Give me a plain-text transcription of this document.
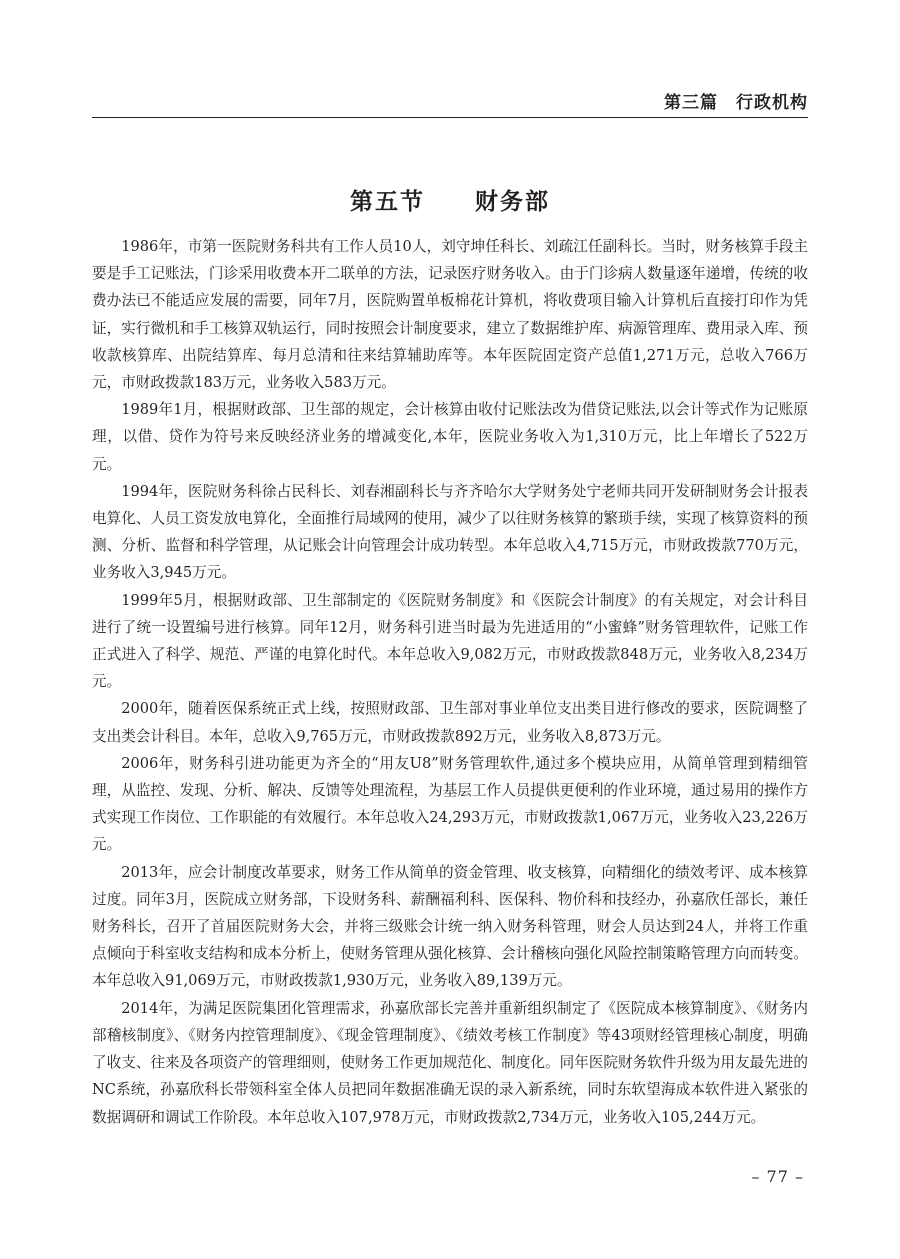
第三篇　行政机构
第五节　　财务部

1986年，市第一医院财务科共有工作人员10人，刘守坤任科长、刘疏江任副科长。当时，财务核算手段主要是手工记账法，门诊采用收费本开二联单的方法，记录医疗财务收入。由于门诊病人数量逐年递增，传统的收费办法已不能适应发展的需要，同年7月，医院购置单板棉花计算机，将收费项目输入计算机后直接打印作为凭证，实行微机和手工核算双轨运行，同时按照会计制度要求，建立了数据维护库、病源管理库、费用录入库、预收款核算库、出院结算库、每月总清和往来结算辅助库等。本年医院固定资产总值1,271万元，总收入766万元，市财政拨款183万元，业务收入583万元。

1989年1月，根据财政部、卫生部的规定，会计核算由收付记账法改为借贷记账法,以会计等式作为记账原理，以借、贷作为符号来反映经济业务的增减变化,本年，医院业务收入为1,310万元，比上年增长了522万元。

1994年，医院财务科徐占民科长、刘春湘副科长与齐齐哈尔大学财务处宁老师共同开发研制财务会计报表电算化、人员工资发放电算化，全面推行局域网的使用，减少了以往财务核算的繁琐手续，实现了核算资料的预测、分析、监督和科学管理，从记账会计向管理会计成功转型。本年总收入4,715万元，市财政拨款770万元，业务收入3,945万元。

1999年5月，根据财政部、卫生部制定的《医院财务制度》和《医院会计制度》的有关规定，对会计科目进行了统一设置编号进行核算。同年12月，财务科引进当时最为先进适用的“小蜜蜂”财务管理软件，记账工作正式进入了科学、规范、严谨的电算化时代。本年总收入9,082万元，市财政拨款848万元，业务收入8,234万元。

2000年，随着医保系统正式上线，按照财政部、卫生部对事业单位支出类目进行修改的要求，医院调整了支出类会计科目。本年，总收入9,765万元，市财政拨款892万元，业务收入8,873万元。

2006年，财务科引进功能更为齐全的“用友U8”财务管理软件,通过多个模块应用，从简单管理到精细管理，从监控、发现、分析、解决、反馈等处理流程，为基层工作人员提供更便利的作业环境，通过易用的操作方式实现工作岗位、工作职能的有效履行。本年总收入24,293万元，市财政拨款1,067万元，业务收入23,226万元。

2013年，应会计制度改革要求，财务工作从简单的资金管理、收支核算，向精细化的绩效考评、成本核算过度。同年3月，医院成立财务部，下设财务科、薪酬福利科、医保科、物价科和技经办，孙嘉欣任部长，兼任财务科长，召开了首届医院财务大会，并将三级账会计统一纳入财务科管理，财会人员达到24人，并将工作重点倾向于科室收支结构和成本分析上，使财务管理从强化核算、会计稽核向强化风险控制策略管理方向而转变。本年总收入91,069万元，市财政拨款1,930万元，业务收入89,139万元。

2014年，为满足医院集团化管理需求，孙嘉欣部长完善并重新组织制定了《医院成本核算制度》、《财务内部稽核制度》、《财务内控管理制度》、《现金管理制度》、《绩效考核工作制度》等43项财经管理核心制度，明确了收支、往来及各项资产的管理细则，使财务工作更加规范化、制度化。同年医院财务软件升级为用友最先进的NC系统，孙嘉欣科长带领科室全体人员把同年数据准确无误的录入新系统，同时东软望海成本软件进入紧张的数据调研和调试工作阶段。本年总收入107,978万元，市财政拨款2,734万元，业务收入105,244万元。

– 77 –
